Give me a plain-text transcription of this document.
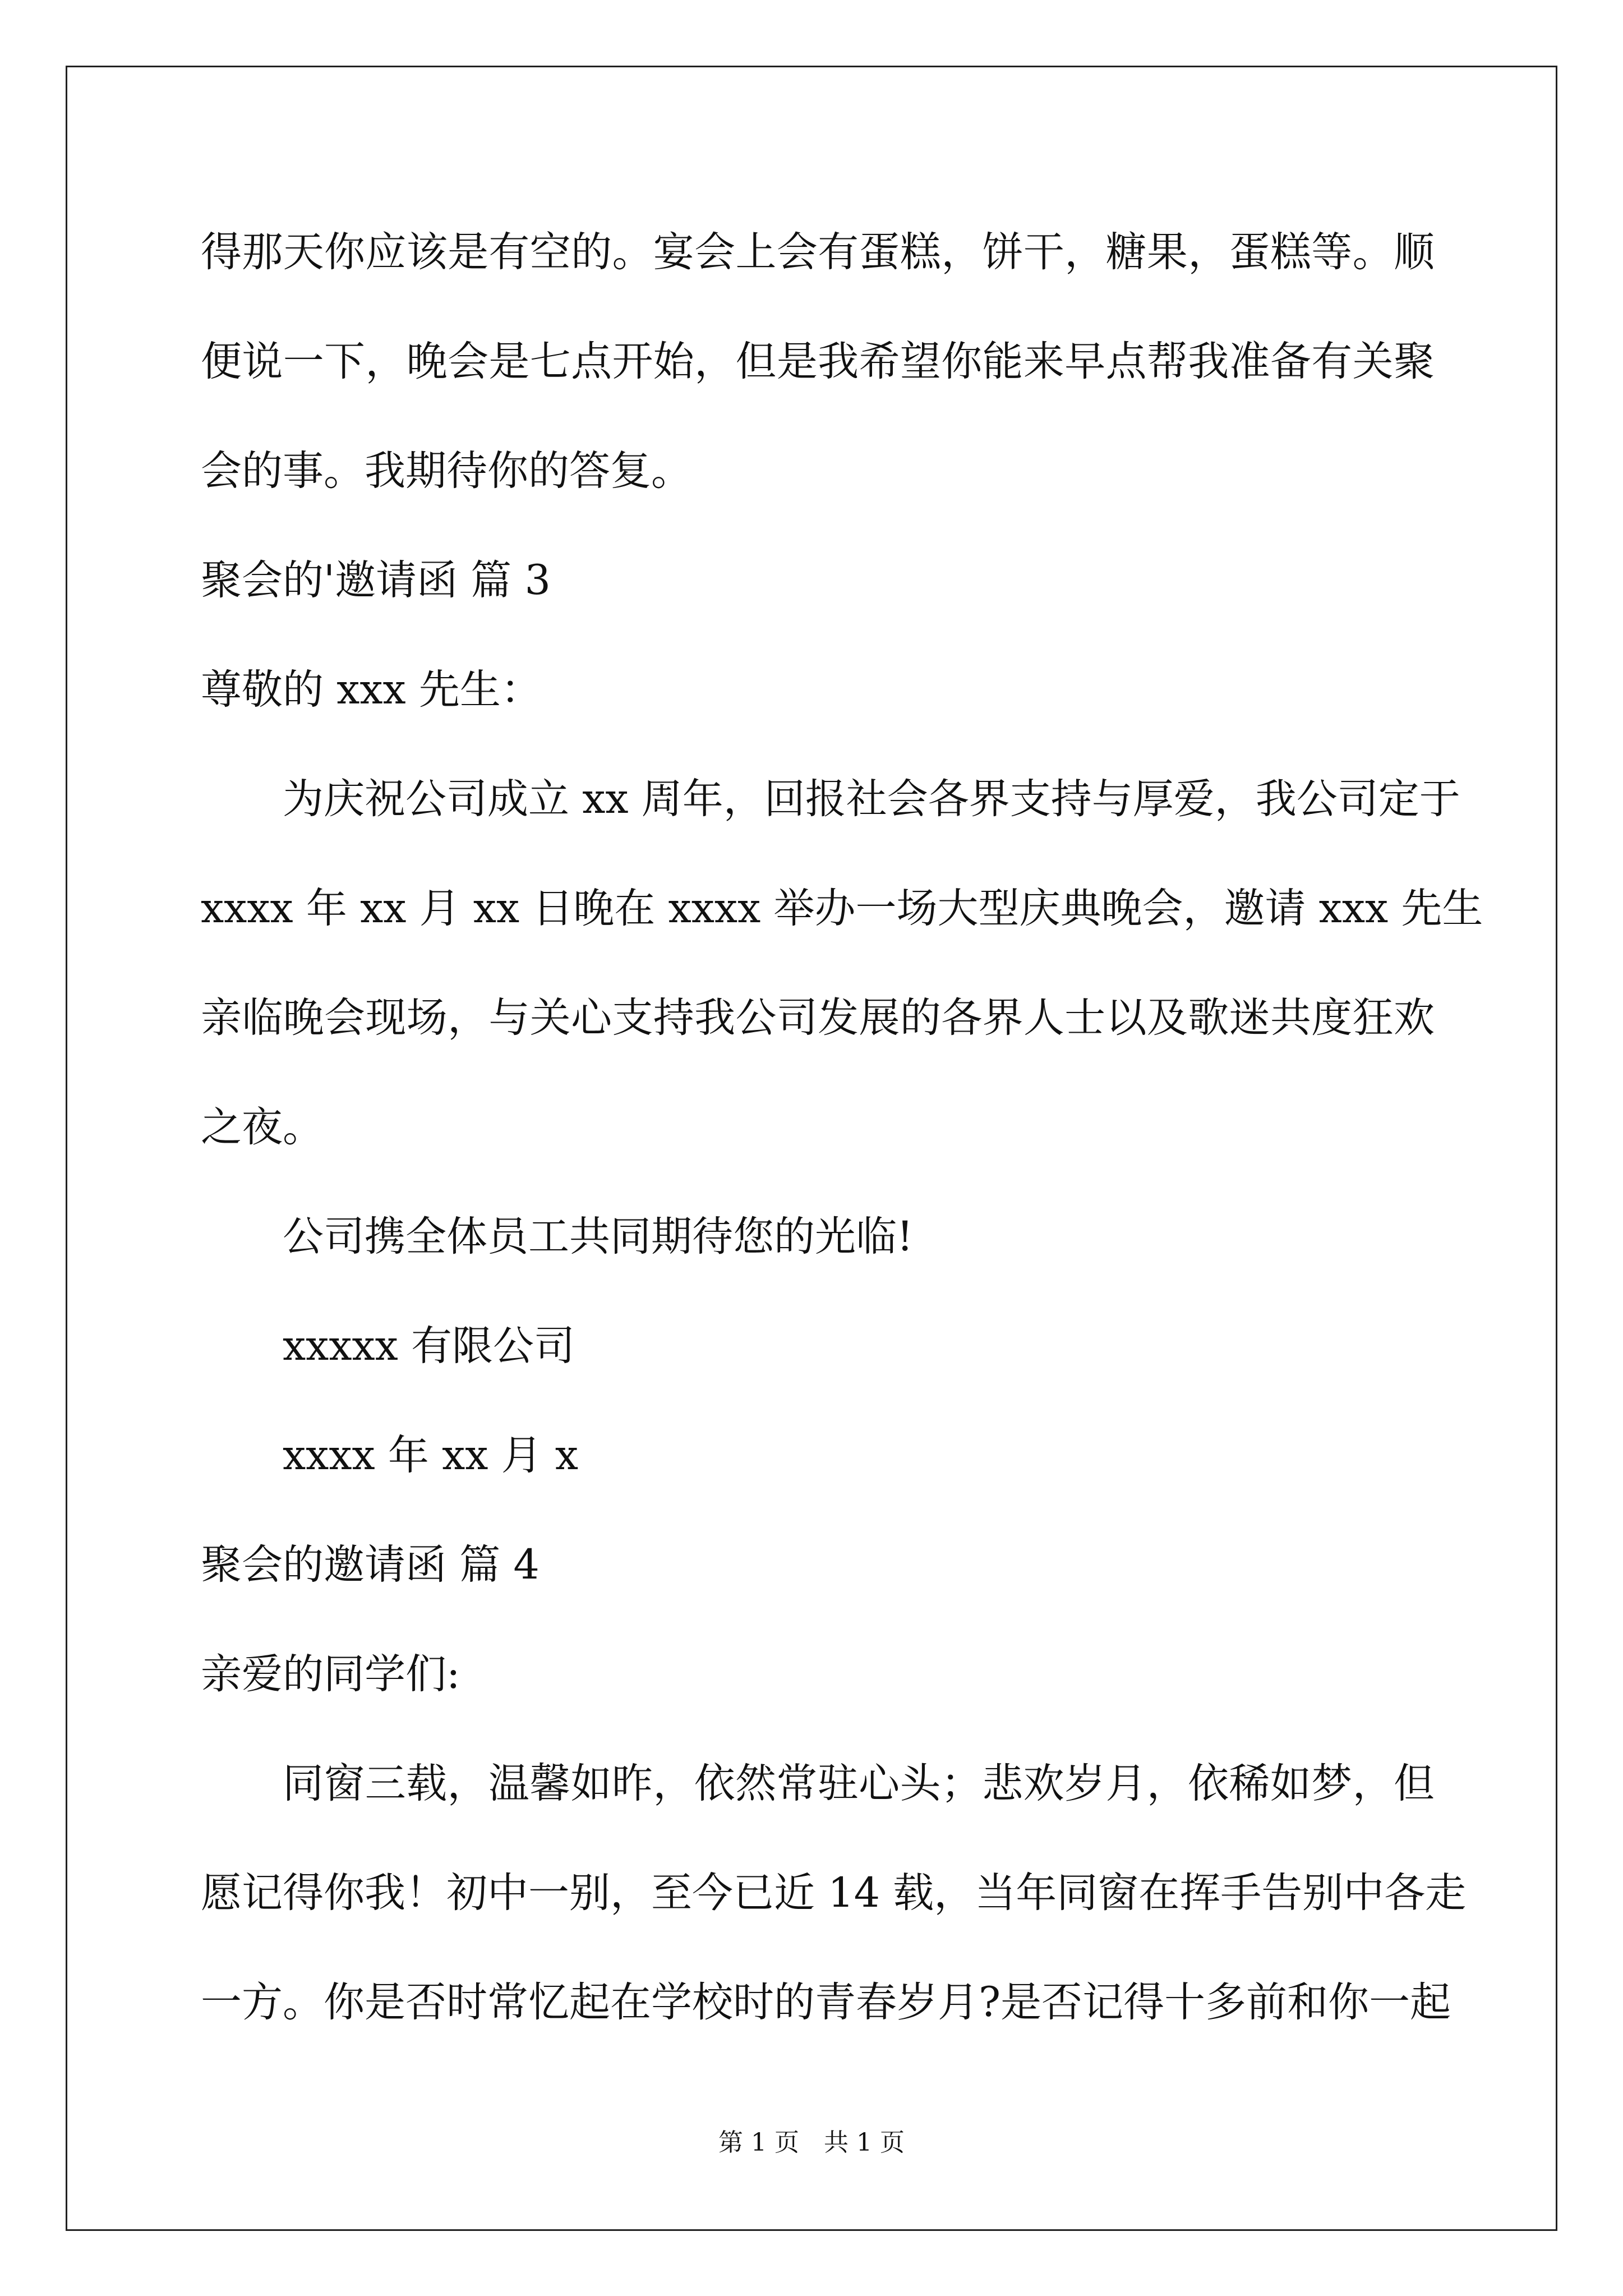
得那天你应该是有空的。宴会上会有蛋糕，饼干，糖果，蛋糕等。顺
便说一下，晚会是七点开始，但是我希望你能来早点帮我准备有关聚
会的事。我期待你的答复。
聚会的'邀请函 篇 3
尊敬的 xxx 先生：
为庆祝公司成立 xx 周年，回报社会各界支持与厚爱，我公司定于
xxxx 年 xx 月 xx 日晚在 xxxx 举办一场大型庆典晚会，邀请 xxx 先生
亲临晚会现场，与关心支持我公司发展的各界人士以及歌迷共度狂欢
之夜。
公司携全体员工共同期待您的光临!
xxxxx 有限公司
xxxx 年 xx 月 x
聚会的邀请函 篇 4
亲爱的同学们:
同窗三载，温馨如昨，依然常驻心头；悲欢岁月，依稀如梦，但
愿记得你我！初中一别，至今已近 14 载，当年同窗在挥手告别中各走
一方。你是否时常忆起在学校时的青春岁月?是否记得十多前和你一起
第 1 页　共 1 页
